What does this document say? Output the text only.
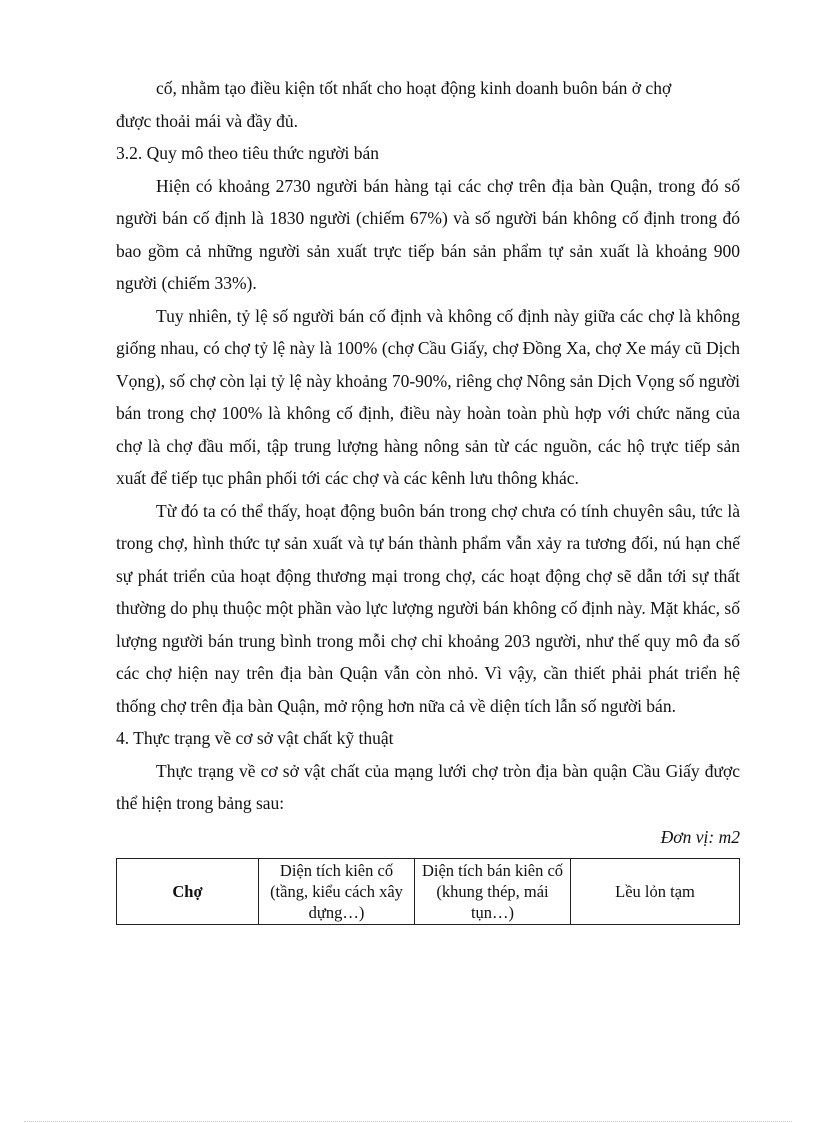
cố, nhằm tạo điều kiện tốt nhất cho hoạt động kinh doanh buôn bán ở chợ

được thoải mái và đầy đủ.

3.2. Quy mô theo tiêu thức người bán

Hiện có khoảng 2730 người bán hàng tại các chợ trên địa bàn Quận, trong đó số người bán cố định là 1830 người (chiếm 67%) và số người bán không cố định trong đó bao gồm cả những người sản xuất trực tiếp bán sản phẩm tự sản xuất là khoảng 900 người (chiếm 33%).

Tuy nhiên, tỷ lệ số người bán cố định và không cố định này giữa các chợ là không giống nhau, có chợ tỷ lệ này là 100% (chợ Cầu Giấy, chợ Đồng Xa, chợ Xe máy cũ Dịch Vọng), số chợ còn lại tỷ lệ này khoảng 70-90%, riêng chợ Nông sản Dịch Vọng số người bán trong chợ 100% là không cố định, điều này hoàn toàn phù hợp với chức năng của chợ là chợ đầu mối, tập trung lượng hàng nông sản từ các nguồn, các hộ trực tiếp sản xuất để tiếp tục phân phối tới các chợ và các kênh lưu thông khác.

Từ đó ta có thể thấy, hoạt động buôn bán trong chợ chưa có tính chuyên sâu, tức là trong chợ, hình thức tự sản xuất và tự bán thành phẩm vẫn xảy ra tương đối, nú hạn chế sự phát triển của hoạt động thương mại trong chợ, các hoạt động chợ sẽ dẫn tới sự thất thường do phụ thuộc một phần vào lực lượng người bán không cố định này. Mặt khác, số lượng người bán trung bình trong mỗi chợ chỉ khoảng 203 người, như thế quy mô đa số các chợ hiện nay trên địa bàn Quận vẫn còn nhỏ. Vì vậy, cần thiết phải phát triển hệ thống chợ trên địa bàn Quận, mở rộng hơn nữa cả về diện tích lẫn số người bán.

4. Thực trạng về cơ sở vật chất kỹ thuật

Thực trạng về cơ sở vật chất của mạng lưới chợ tròn địa bàn quận Cầu Giấy được thể hiện trong bảng sau:

Đơn vị: m2
Chợ	Diện tích kiên cố (tầng, kiểu cách xây dựng…)	Diện tích bán kiên cố (khung thép, mái tụn…)	Lều lỏn tạm
